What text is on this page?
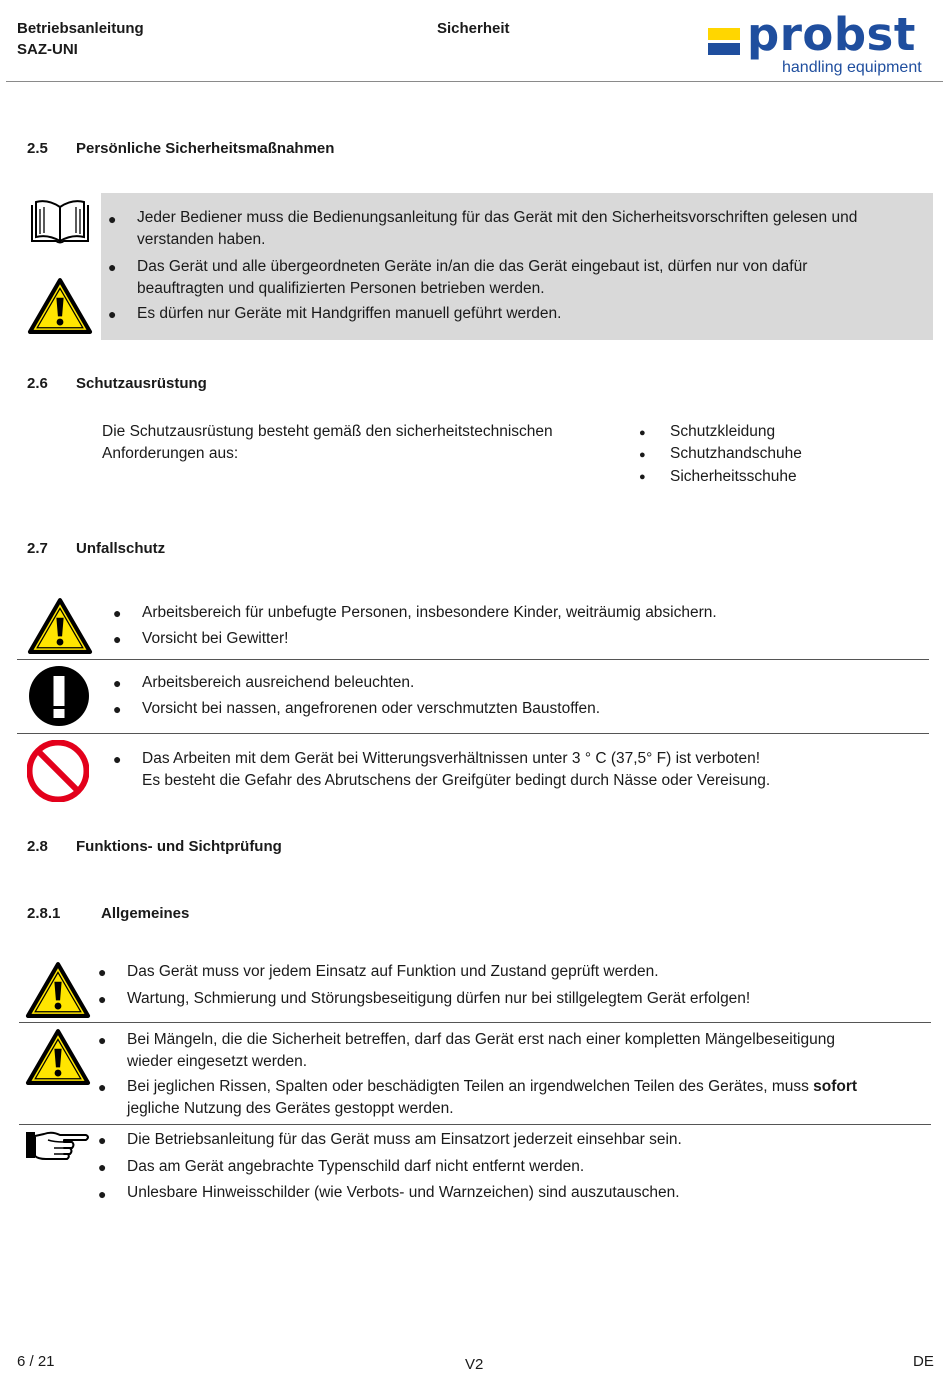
Betriebsanleitung
SAZ-UNI
Sicherheit	probst
handling equipment
2.5 Persönliche Sicherheitsmaßnahmen
● Jeder Bediener muss die Bedienungsanleitung für das Gerät mit den Sicherheitsvorschriften gelesen und
verstanden haben.
● Das Gerät und alle übergeordneten Geräte in/an die das Gerät eingebaut ist, dürfen nur von dafür
beauftragten und qualifizierten Personen betrieben werden.
● Es dürfen nur Geräte mit Handgriffen manuell geführt werden.
2.6 Schutzausrüstung
Die Schutzausrüstung besteht gemäß den sicherheitstechnischen
Anforderungen aus:
● Schutzkleidung
● Schutzhandschuhe
● Sicherheitsschuhe
2.7 Unfallschutz
● Arbeitsbereich für unbefugte Personen, insbesondere Kinder, weiträumig absichern.
● Vorsicht bei Gewitter!
● Arbeitsbereich ausreichend beleuchten.
● Vorsicht bei nassen, angefrorenen oder verschmutzten Baustoffen.
● Das Arbeiten mit dem Gerät bei Witterungsverhältnissen unter 3 ° C (37,5° F) ist verboten!
Es besteht die Gefahr des Abrutschens der Greifgüter bedingt durch Nässe oder Vereisung.
2.8 Funktions- und Sichtprüfung
2.8.1	Allgemeines
● Das Gerät muss vor jedem Einsatz auf Funktion und Zustand geprüft werden.
● Wartung, Schmierung und Störungsbeseitigung dürfen nur bei stillgelegtem Gerät erfolgen!
● Bei Mängeln, die die Sicherheit betreffen, darf das Gerät erst nach einer kompletten Mängelbeseitigung
wieder eingesetzt werden.
● Bei jeglichen Rissen, Spalten oder beschädigten Teilen an irgendwelchen Teilen des Gerätes, muss sofort
jegliche Nutzung des Gerätes gestoppt werden.
● Die Betriebsanleitung für das Gerät muss am Einsatzort jederzeit einsehbar sein.
● Das am Gerät angebrachte Typenschild darf nicht entfernt werden.
● Unlesbare Hinweisschilder (wie Verbots- und Warnzeichen) sind auszutauschen.
6 / 21	V2	DE
